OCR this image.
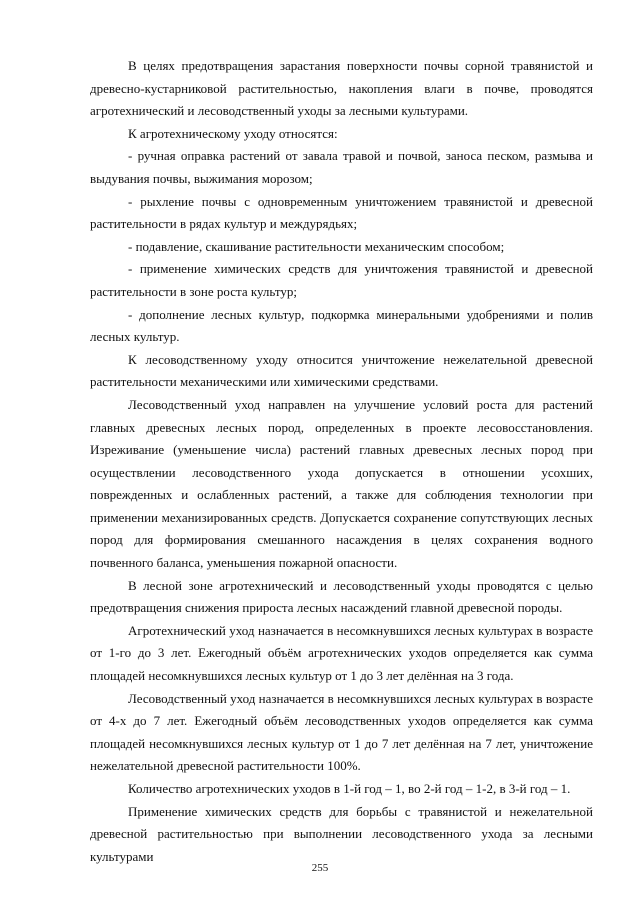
В целях предотвращения зарастания поверхности почвы сорной травянистой и древесно-кустарниковой растительностью, накопления влаги в почве, проводятся агротехнический и лесоводственный уходы за лесными культурами.

К агротехническому уходу относятся:

- ручная оправка растений от завала травой и почвой, заноса песком, размыва и выдувания почвы, выжимания морозом;

- рыхление почвы с одновременным уничтожением травянистой и древесной растительности в рядах культур и междурядьях;

- подавление, скашивание растительности механическим способом;

- применение химических средств для уничтожения травянистой и древесной растительности в зоне роста культур;

- дополнение лесных культур, подкормка минеральными удобрениями и полив лесных культур.

К лесоводственному уходу относится уничтожение нежелательной древесной растительности механическими или химическими средствами.

Лесоводственный уход направлен на улучшение условий роста для растений главных древесных лесных пород, определенных в проекте лесовосстановления. Изреживание (уменьшение числа) растений главных древесных лесных пород при осуществлении лесоводственного ухода допускается в отношении усохших, поврежденных и ослабленных растений, а также для соблюдения технологии при применении механизированных средств. Допускается сохранение сопутствующих лесных пород для формирования смешанного насаждения в целях сохранения водного почвенного баланса, уменьшения пожарной опасности.

В лесной зоне агротехнический и лесоводственный уходы проводятся с целью предотвращения снижения прироста лесных насаждений главной древесной породы.

Агротехнический уход назначается в несомкнувшихся лесных культурах в возрасте от 1-го до 3 лет. Ежегодный объём агротехнических уходов определяется как сумма площадей несомкнувшихся лесных культур от 1 до 3 лет делённая на 3 года.

Лесоводственный уход назначается в несомкнувшихся лесных культурах в возрасте от 4-х до 7 лет. Ежегодный объём лесоводственных уходов определяется как сумма площадей несомкнувшихся лесных культур от 1 до 7 лет делённая на 7 лет, уничтожение нежелательной древесной растительности 100%.

Количество агротехнических уходов в 1-й год – 1, во 2-й год – 1-2, в 3-й год – 1.

Применение химических средств для борьбы с травянистой и нежелательной древесной растительностью при выполнении лесоводственного ухода за лесными культурами

255
